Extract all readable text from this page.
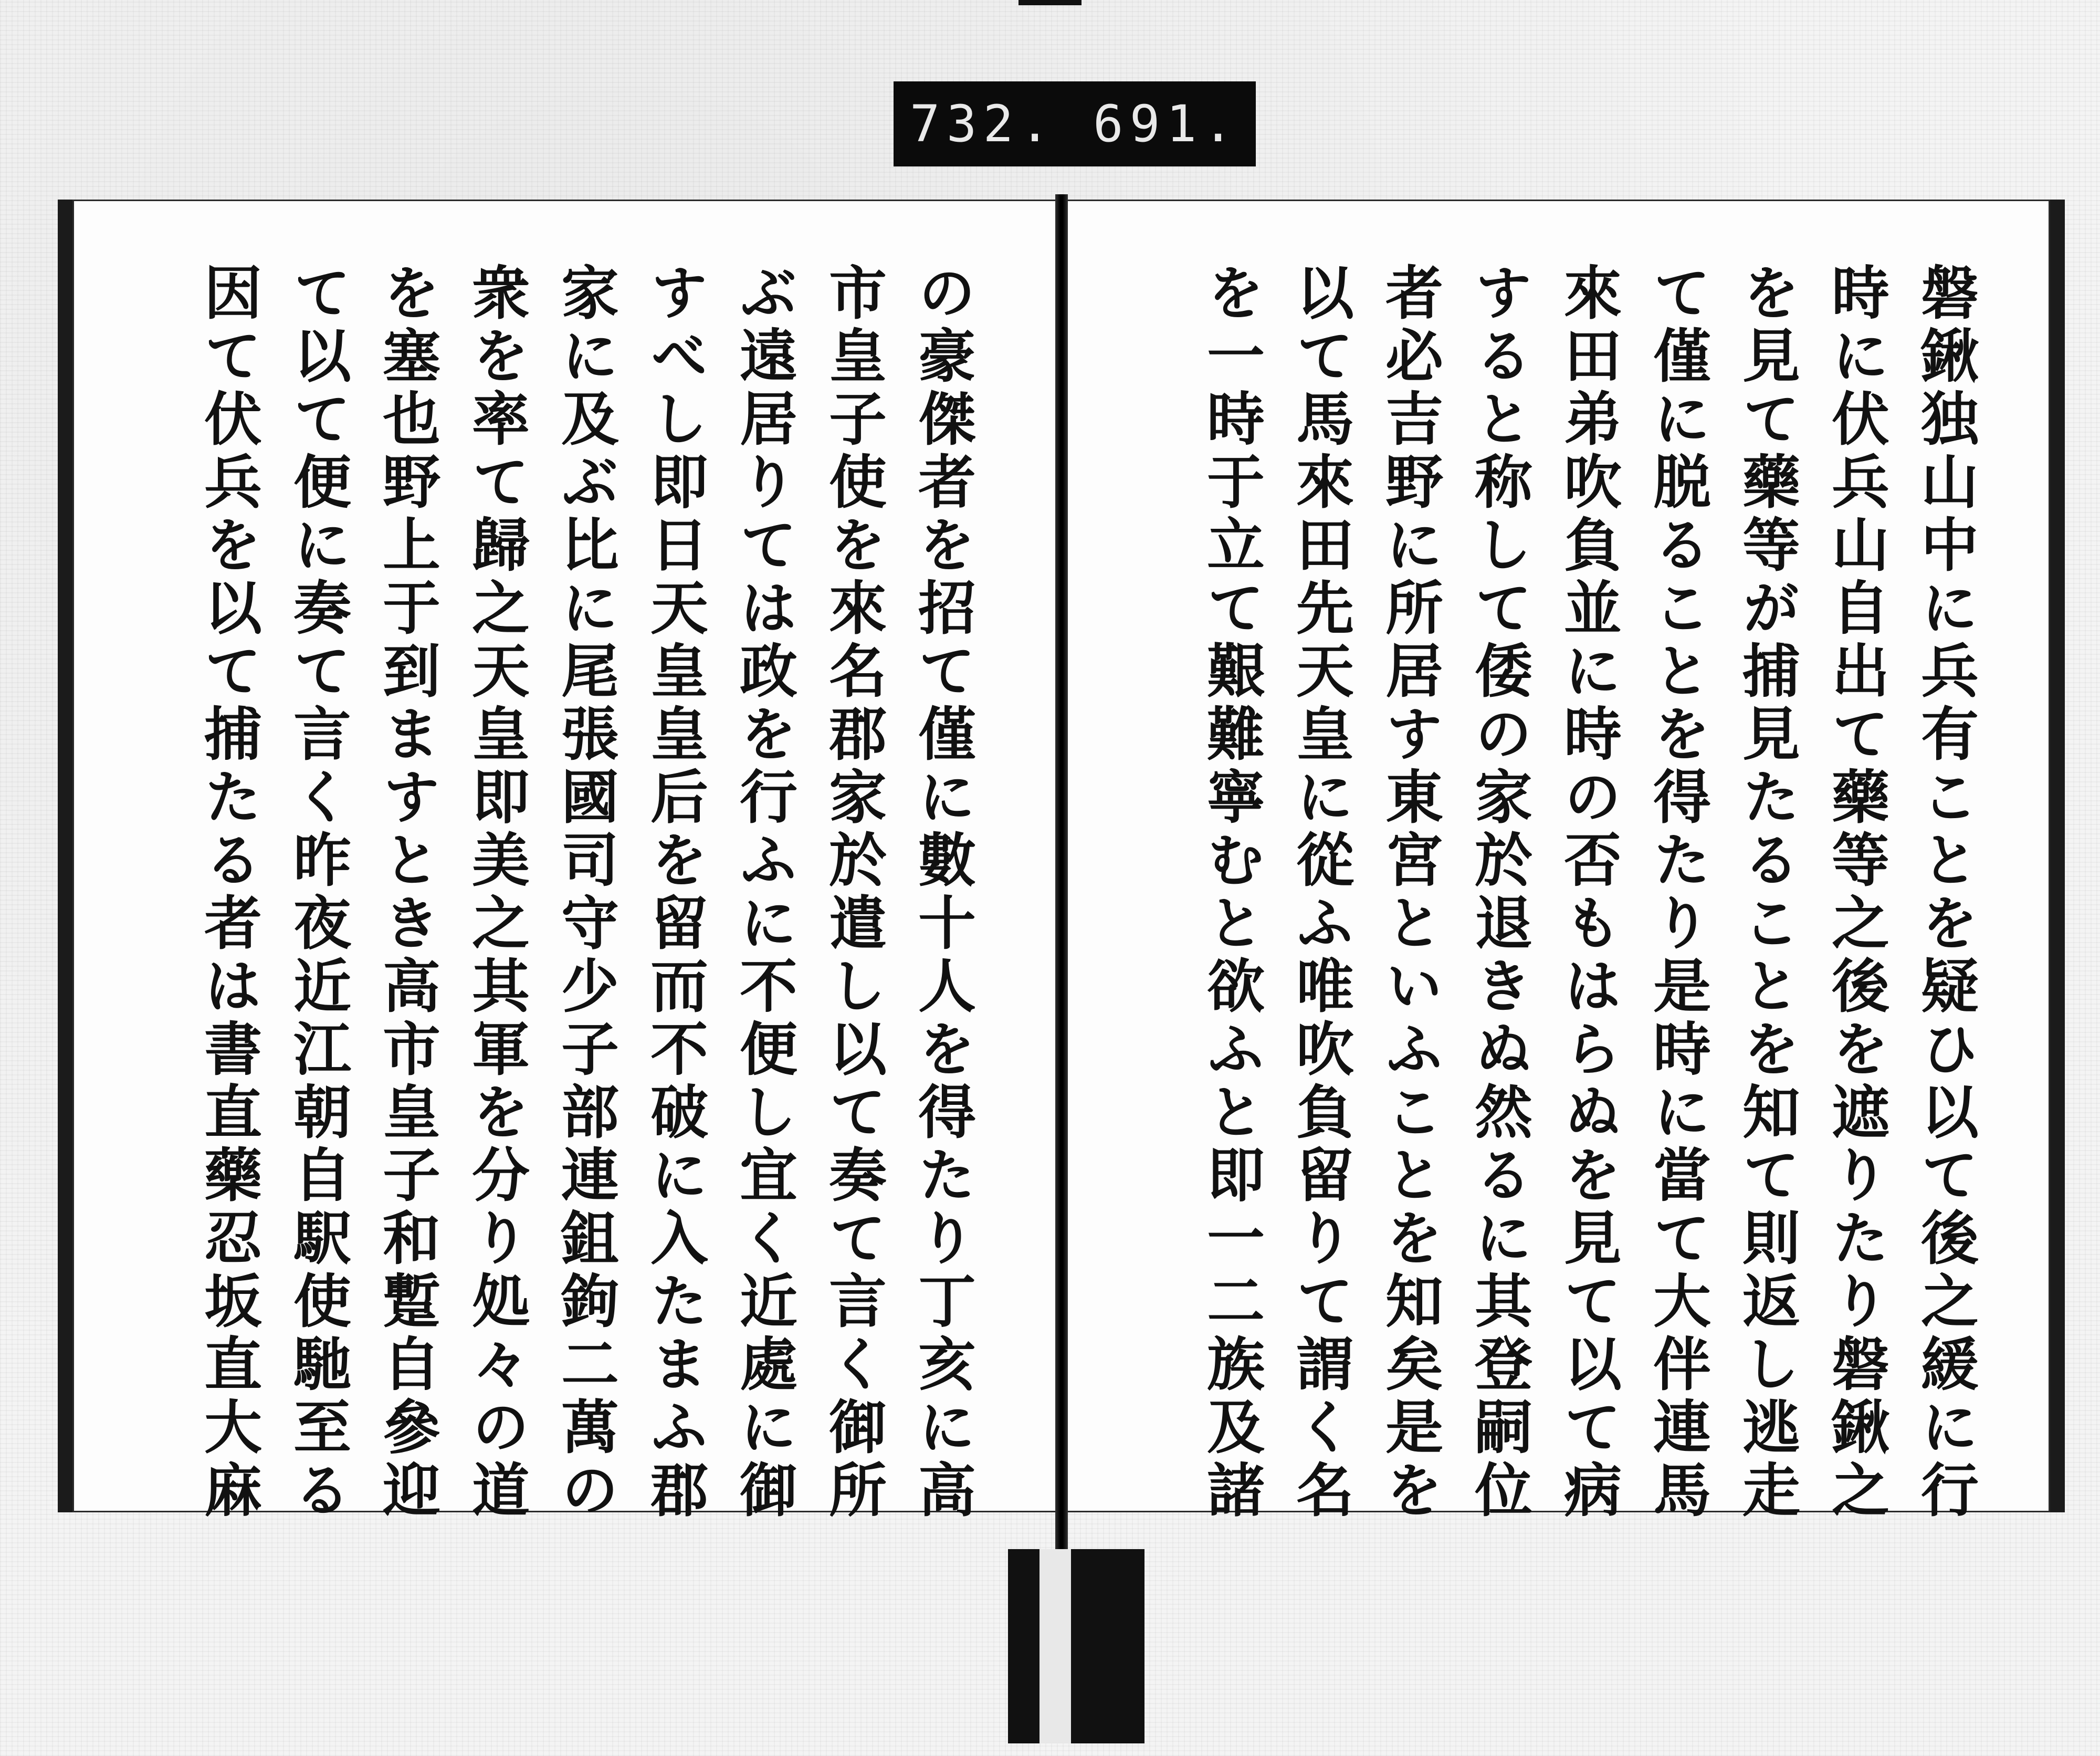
732. 691.
磐鍬独山中に兵有ことを疑ひ以て後之緩に行
時に伏兵山自出て藥等之後を遮りたり磐鍬之
を見て藥等が捕見たることを知て則返し逃走
て僅に脱ることを得たり是時に當て大伴連馬
來田弟吹負並に時の否もはらぬを見て以て病
すると称して倭の家於退きぬ然るに其登嗣位
者必吉野に所居す東宮といふことを知矣是を
以て馬來田先天皇に從ふ唯吹負留りて謂く名
を一時于立て艱難寧むと欲ふと即一二族及諸
の豪傑者を招て僅に數十人を得たり丁亥に高
市皇子使を來名郡家於遣し以て奏て言く御所
ぶ遠居りては政を行ふに不便し宜く近處に御
すべし即日天皇皇后を留而不破に入たまふ郡
家に及ぶ比に尾張國司守少子部連鉏鉤二萬の
衆を率て歸之天皇即美之其軍を分り処々の道
を塞也野上于到ますとき高市皇子和蹔自參迎
て以て便に奏て言く昨夜近江朝自駅使馳至る
因て伏兵を以て捕たる者は書直藥忍坂直大麻
